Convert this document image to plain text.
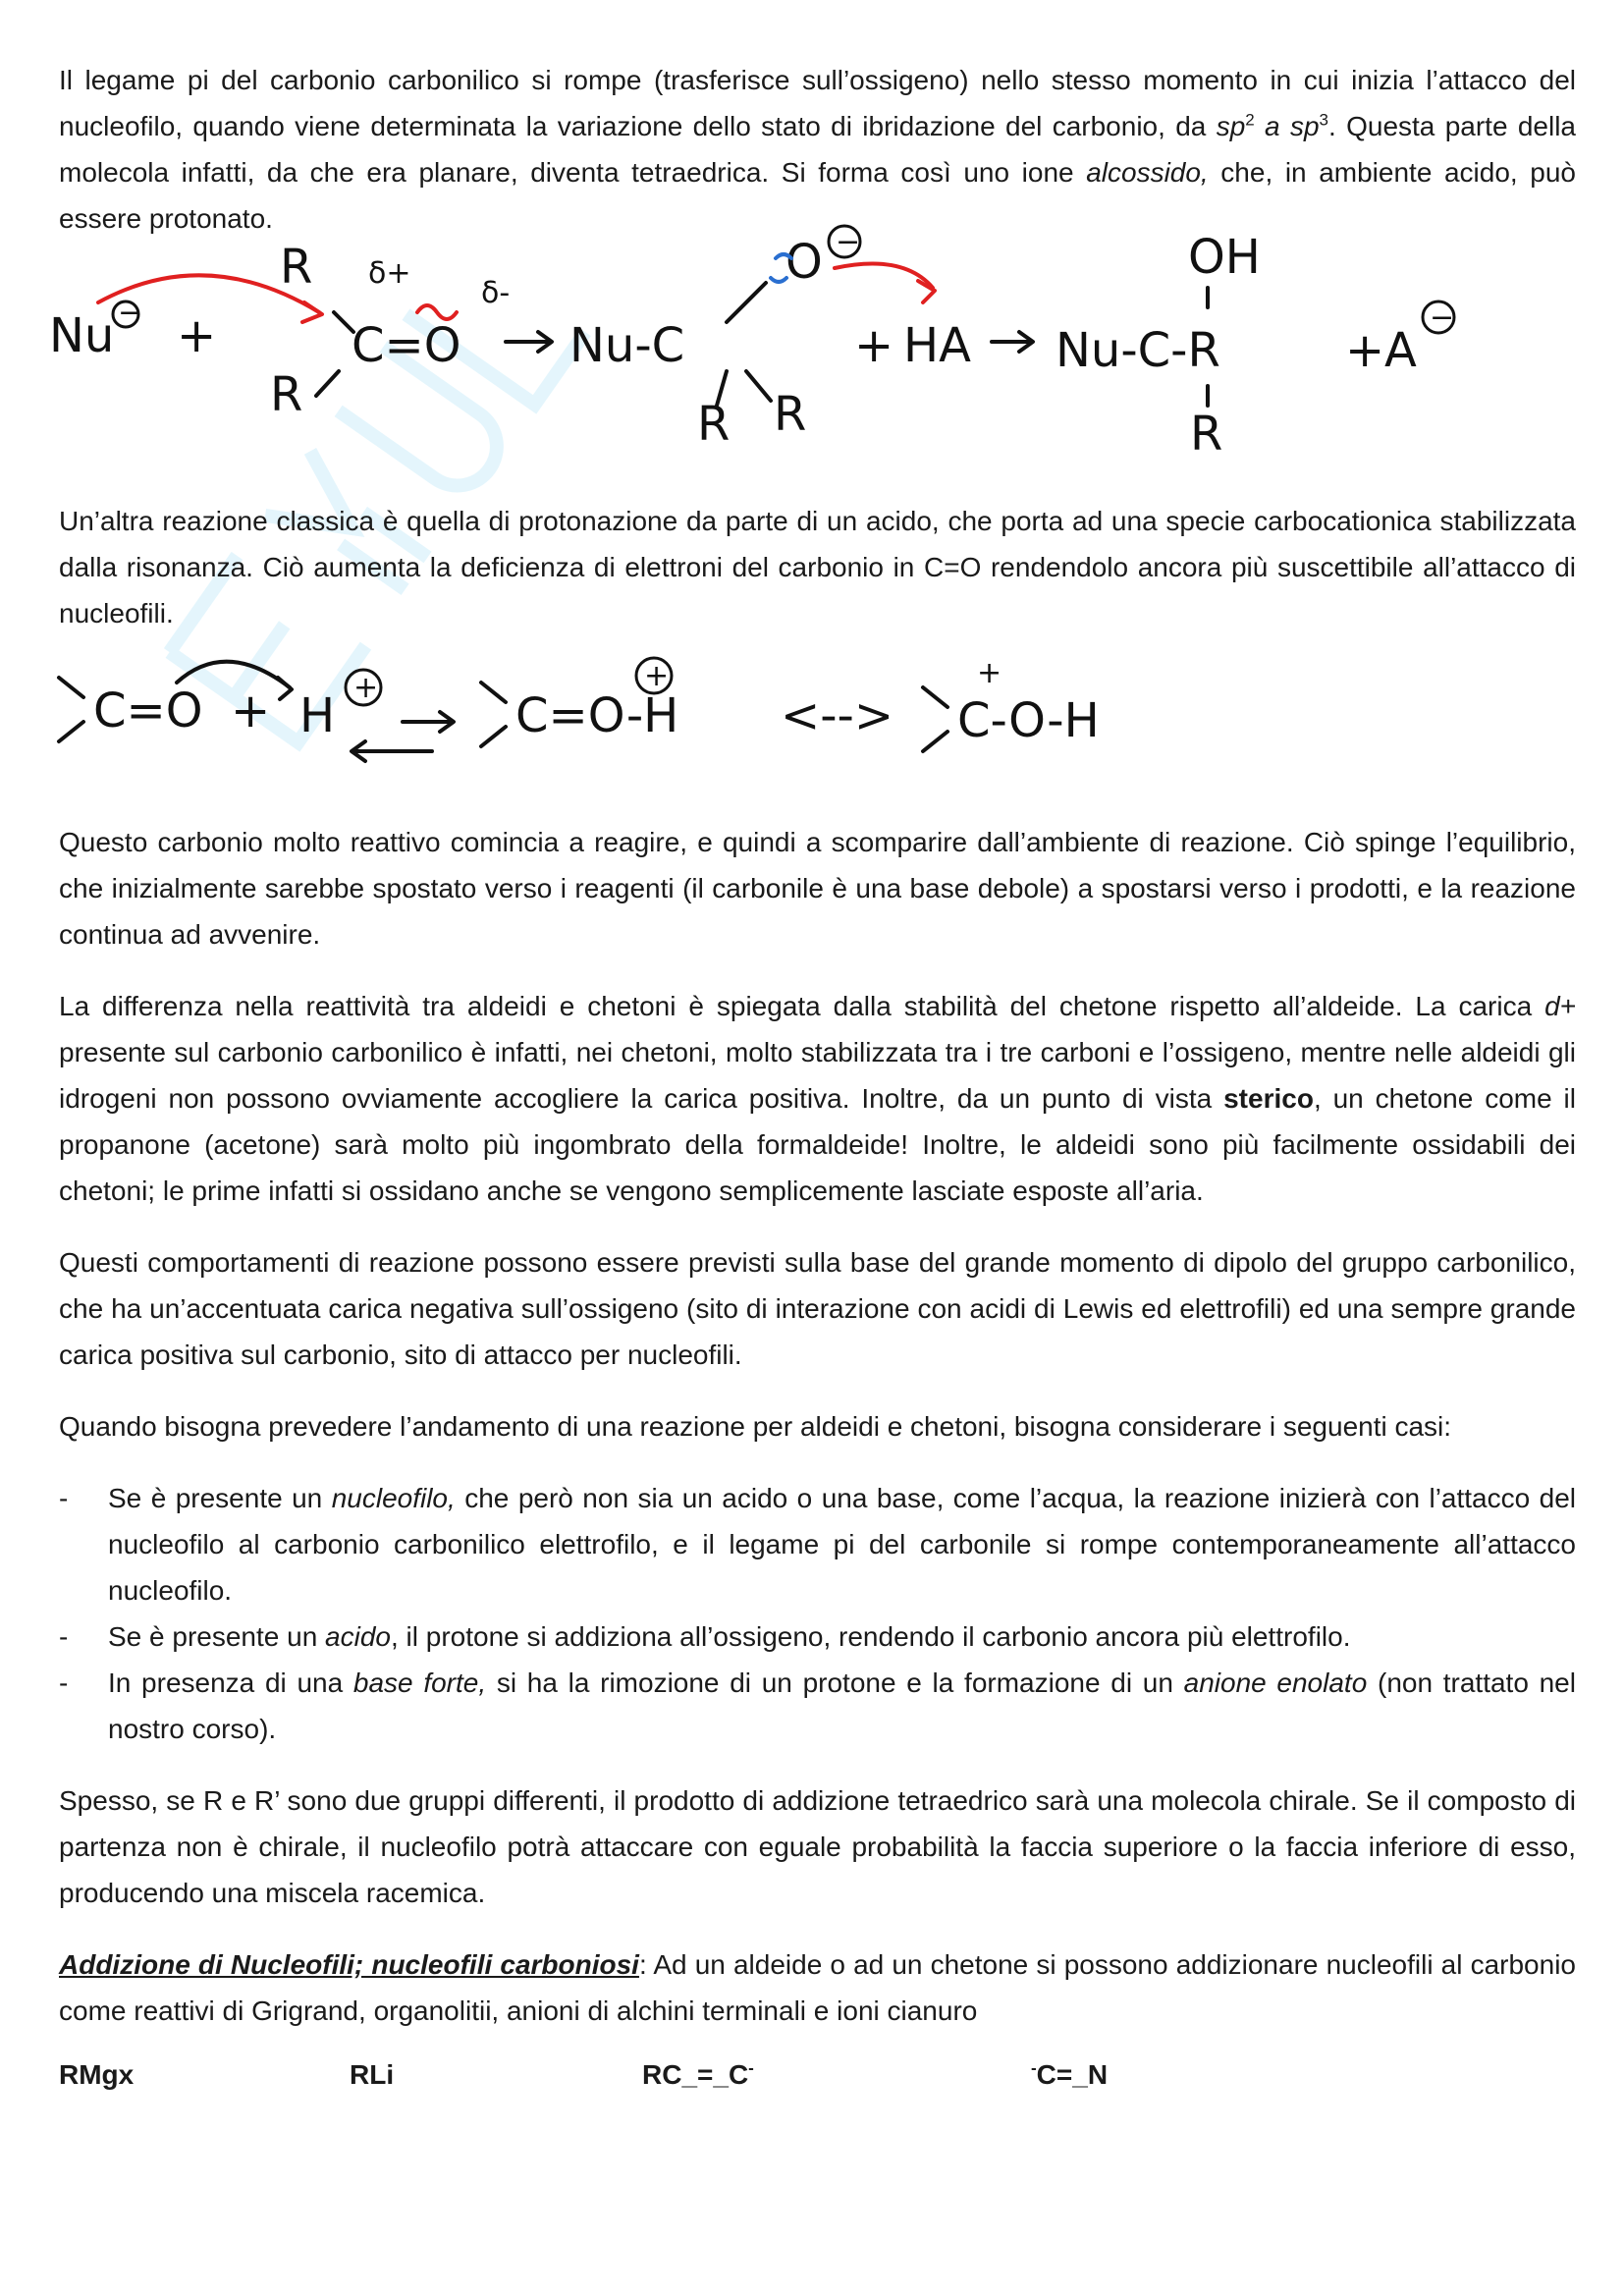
Il legame pi del carbonio carbonilico si rompe (trasferisce sull’ossigeno) nello stesso momento in cui inizia l’attacco del nucleofilo, quando viene determinata la variazione dello stato di ibridazione del carbonio, da $sp^2$ a $sp^3$. Questa parte della molecola infatti, da che era planare, diventa tetraedrica. Si forma così uno ione alcossido, che, in ambiente acido, può essere protonato.

Un’altra reazione classica è quella di protonazione da parte di un acido, che porta ad una specie carbocationica stabilizzata dalla risonanza. Ciò aumenta la deficienza di elettroni del carbonio in C=O rendendolo ancora più suscettibile all’attacco di nucleofili.

Questo carbonio molto reattivo comincia a reagire, e quindi a scomparire dall’ambiente di reazione. Ciò spinge l’equilibrio, che inizialmente sarebbe spostato verso i reagenti (il carbonile è una base debole) a spostarsi verso i prodotti, e la reazione continua ad avvenire.

La differenza nella reattività tra aldeidi e chetoni è spiegata dalla stabilità del chetone rispetto all’aldeide. La carica d+ presente sul carbonio carbonilico è infatti, nei chetoni, molto stabilizzata tra i tre carboni e l’ossigeno, mentre nelle aldeidi gli idrogeni non possono ovviamente accogliere la carica positiva. Inoltre, da un punto di vista sterico, un chetone come il propanone (acetone) sarà molto più ingombrato della formaldeide! Inoltre, le aldeidi sono più facilmente ossidabili dei chetoni; le prime infatti si ossidano anche se vengono semplicemente lasciate esposte all’aria.

Questi comportamenti di reazione possono essere previsti sulla base del grande momento di dipolo del gruppo carbonilico, che ha un’accentuata carica negativa sull’ossigeno (sito di interazione con acidi di Lewis ed elettrofili) ed una sempre grande carica positiva sul carbonio, sito di attacco per nucleofili.

Quando bisogna prevedere l’andamento di una reazione per aldeidi e chetoni, bisogna considerare i seguenti casi:

- Se è presente un nucleofilo, che però non sia un acido o una base, come l’acqua, la reazione inizierà con l’attacco del nucleofilo al carbonio carbonilico elettrofilo, e il legame pi del carbonile si rompe contemporaneamente all’attacco nucleofilo.
- Se è presente un acido, il protone si addiziona all’ossigeno, rendendo il carbonio ancora più elettrofilo.
- In presenza di una base forte, si ha la rimozione di un protone e la formazione di un anione enolato (non trattato nel nostro corso).

Spesso, se R e R’ sono due gruppi differenti, il prodotto di addizione tetraedrico sarà una molecola chirale. Se il composto di partenza non è chirale, il nucleofilo potrà attaccare con eguale probabilità la faccia superiore o la faccia inferiore di esso, producendo una miscela racemica.

Addizione di Nucleofili; nucleofili carboniosi: Ad un aldeide o ad un chetone si possono addizionare nucleofili al carbonio come reattivi di Grigrand, organolitii, anioni di alchini terminali e ioni cianuro

RMgx	RLi	RC_=_C-	-C=_N
Nu − +
R
R
δ+
δ-
C=O Nu-C
R R
O −
+ HA Nu-C-R
OH
R
+ A
−
C=O + H
+
C=O-H
+
<--> C-O-H
+
